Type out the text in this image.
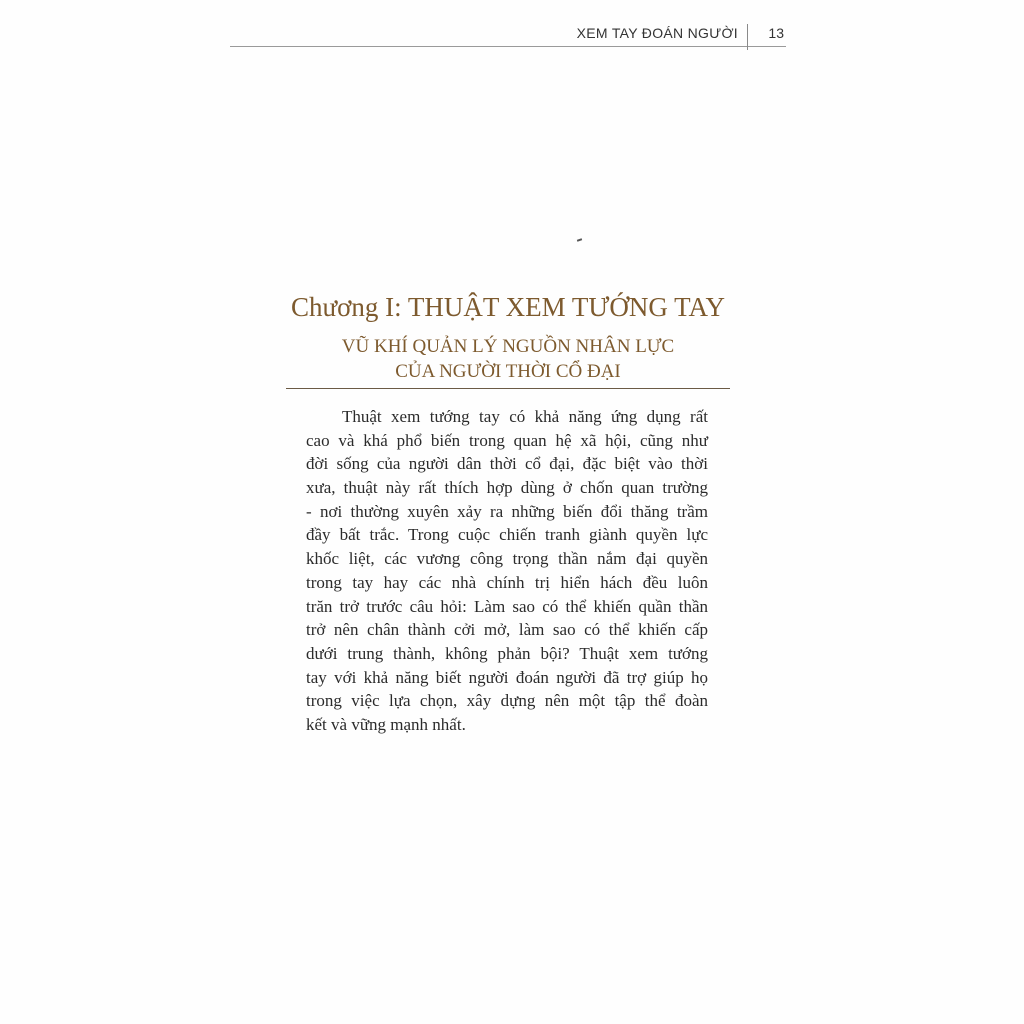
XEM TAY ĐOÁN NGƯỜI 13
Chương I: THUẬT XEM TƯỚNG TAY
VŨ KHÍ QUẢN LÝ NGUỒN NHÂN LỰC
CỦA NGƯỜI THỜI CỔ ĐẠI
Thuật xem tướng tay có khả năng ứng dụng rất
cao và khá phổ biến trong quan hệ xã hội, cũng như
đời sống của người dân thời cổ đại, đặc biệt vào thời
xưa, thuật này rất thích hợp dùng ở chốn quan trường
- nơi thường xuyên xảy ra những biến đổi thăng trầm
đầy bất trắc. Trong cuộc chiến tranh giành quyền lực
khốc liệt, các vương công trọng thần nắm đại quyền
trong tay hay các nhà chính trị hiển hách đều luôn
trăn trở trước câu hỏi: Làm sao có thể khiến quần thần
trở nên chân thành cởi mở, làm sao có thể khiến cấp
dưới trung thành, không phản bội? Thuật xem tướng
tay với khả năng biết người đoán người đã trợ giúp họ
trong việc lựa chọn, xây dựng nên một tập thể đoàn
kết và vững mạnh nhất.
